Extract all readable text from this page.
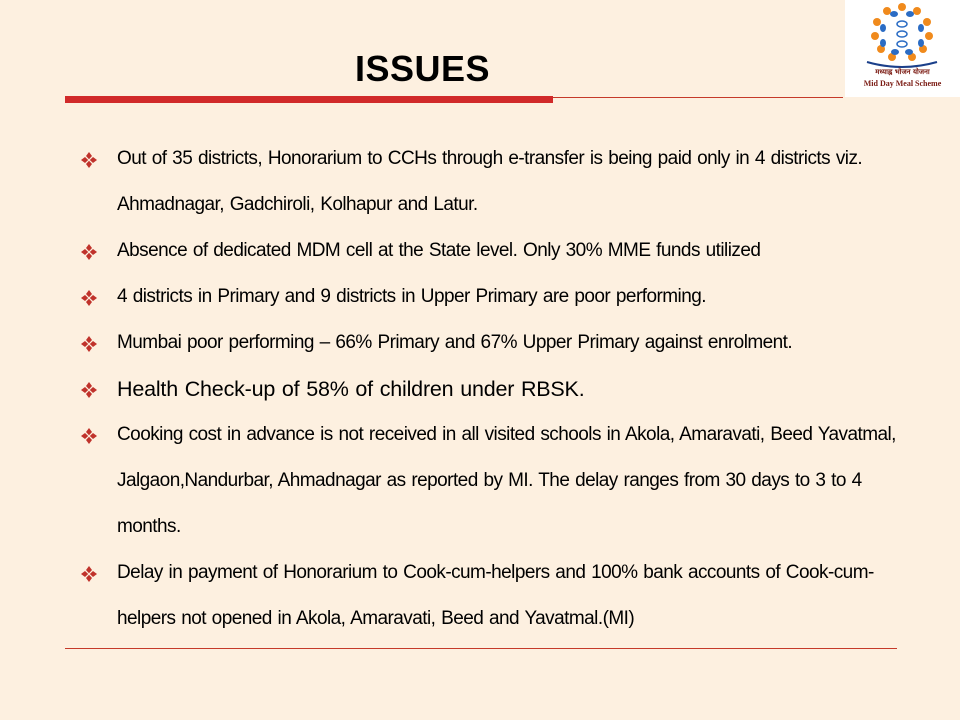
ISSUES	मध्याह्न भोजन योजना
Mid Day Meal Scheme
Out of 35 districts, Honorarium to CCHs through e-transfer is being paid only in 4 districts viz. Ahmadnagar, Gadchiroli, Kolhapur and Latur.
Absence of dedicated MDM cell at the State level. Only 30% MME funds utilized
4 districts in Primary and 9 districts in Upper Primary are poor performing.
Mumbai poor performing – 66% Primary and 67% Upper Primary against enrolment.
Health Check-up of 58% of children under RBSK.
Cooking cost in advance is not received in all visited schools in Akola, Amaravati, Beed Yavatmal, Jalgaon,Nandurbar, Ahmadnagar as reported by MI. The delay ranges from 30 days to 3 to 4 months.
Delay in payment of Honorarium to Cook-cum-helpers and 100% bank accounts of Cook-cum-helpers not opened in Akola, Amaravati, Beed and Yavatmal.(MI)
